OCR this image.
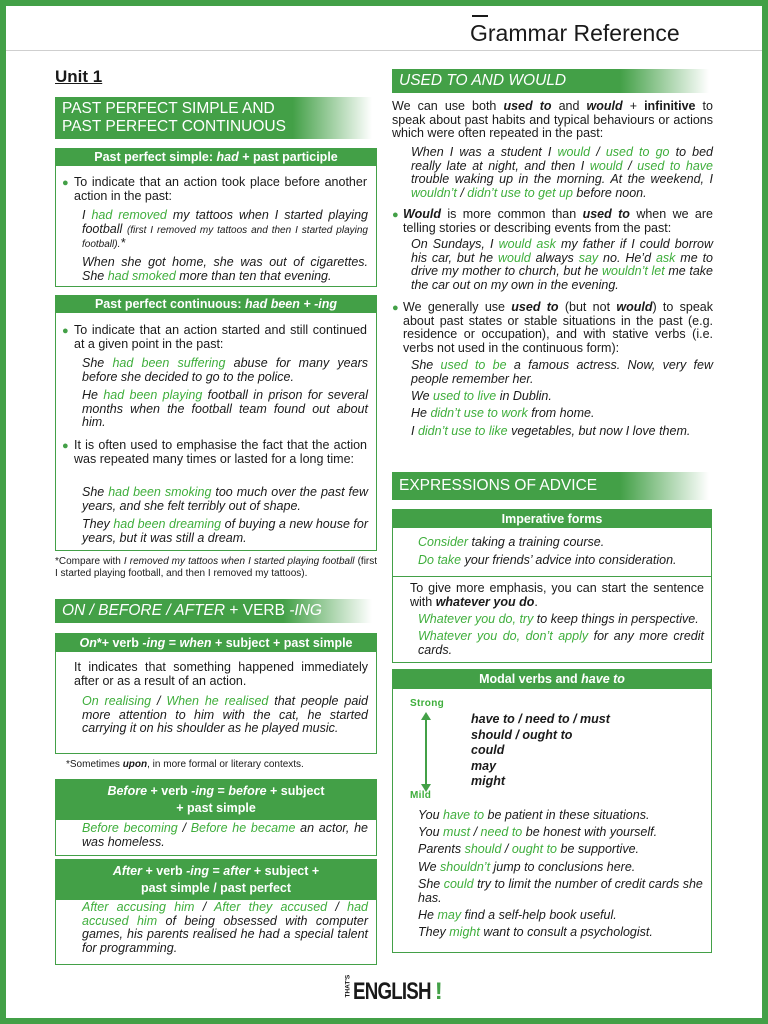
Grammar Reference
Unit 1
PAST PERFECT SIMPLE AND
PAST PERFECT CONTINUOUS
Past perfect simple: had + past participle
● To indicate that an action took place before another action in the past:
I had removed my tattoos when I started playing football (first I removed my tattoos and then I started playing football).*
When she got home, she was out of cigarettes. She had smoked more than ten that evening.
Past perfect continuous: had been + -ing
● To indicate that an action started and still continued at a given point in the past:
She had been suffering abuse for many years before she decided to go to the police.
He had been playing football in prison for several months when the football team found out about him.
● It is often used to emphasise the fact that the action was repeated many times or lasted for a long time:
She had been smoking too much over the past few years, and she felt terribly out of shape.
They had been dreaming of buying a new house for years, but it was still a dream.
*Compare with I removed my tattoos when I started playing football (first I started playing football, and then I removed my tattoos).
ON / BEFORE / AFTER + VERB -ING
On*+ verb -ing = when + subject + past simple
It indicates that something happened immediately after or as a result of an action.
On realising / When he realised that people paid more attention to him with the cat, he started carrying it on his shoulder as he played music.
*Sometimes upon, in more formal or literary contexts.
Before + verb -ing = before + subject
+ past simple
Before becoming / Before he became an actor, he was homeless.
After + verb -ing = after + subject +
past simple / past perfect
After accusing him / After they accused / had accused him of being obsessed with computer games, his parents realised he had a special talent for programming.
USED TO AND WOULD
We can use both used to and would + infinitive to speak about past habits and typical behaviours or actions which were often repeated in the past:
When I was a student I would / used to go to bed really late at night, and then I would / used to have trouble waking up in the morning. At the weekend, I wouldn’t / didn’t use to get up before noon.
● Would is more common than used to when we are telling stories or describing events from the past:
On Sundays, I would ask my father if I could borrow his car, but he would always say no. He’d ask me to drive my mother to church, but he wouldn’t let me take the car out on my own in the evening.
● We generally use used to (but not would) to speak about past states or stable situations in the past (e.g. residence or occupation), and with stative verbs (i.e. verbs not used in the continuous form):
She used to be a famous actress. Now, very few people remember her.
We used to live in Dublin.
He didn’t use to work from home.
I didn’t use to like vegetables, but now I love them.
EXPRESSIONS OF ADVICE
Imperative forms
Consider taking a training course.
Do take your friends’ advice into consideration.
To give more emphasis, you can start the sentence with whatever you do.
Whatever you do, try to keep things in perspective.
Whatever you do, don’t apply for any more credit cards.
Modal verbs and have to
Strong
Mild
have to / need to / must
should / ought to
could
may
might
You have to be patient in these situations.
You must / need to be honest with yourself.
Parents should / ought to be supportive.
We shouldn’t jump to conclusions here.
She could try to limit the number of credit cards she has.
He may find a self-help book useful.
They might want to consult a psychologist.
THAT'SENGLISH !
